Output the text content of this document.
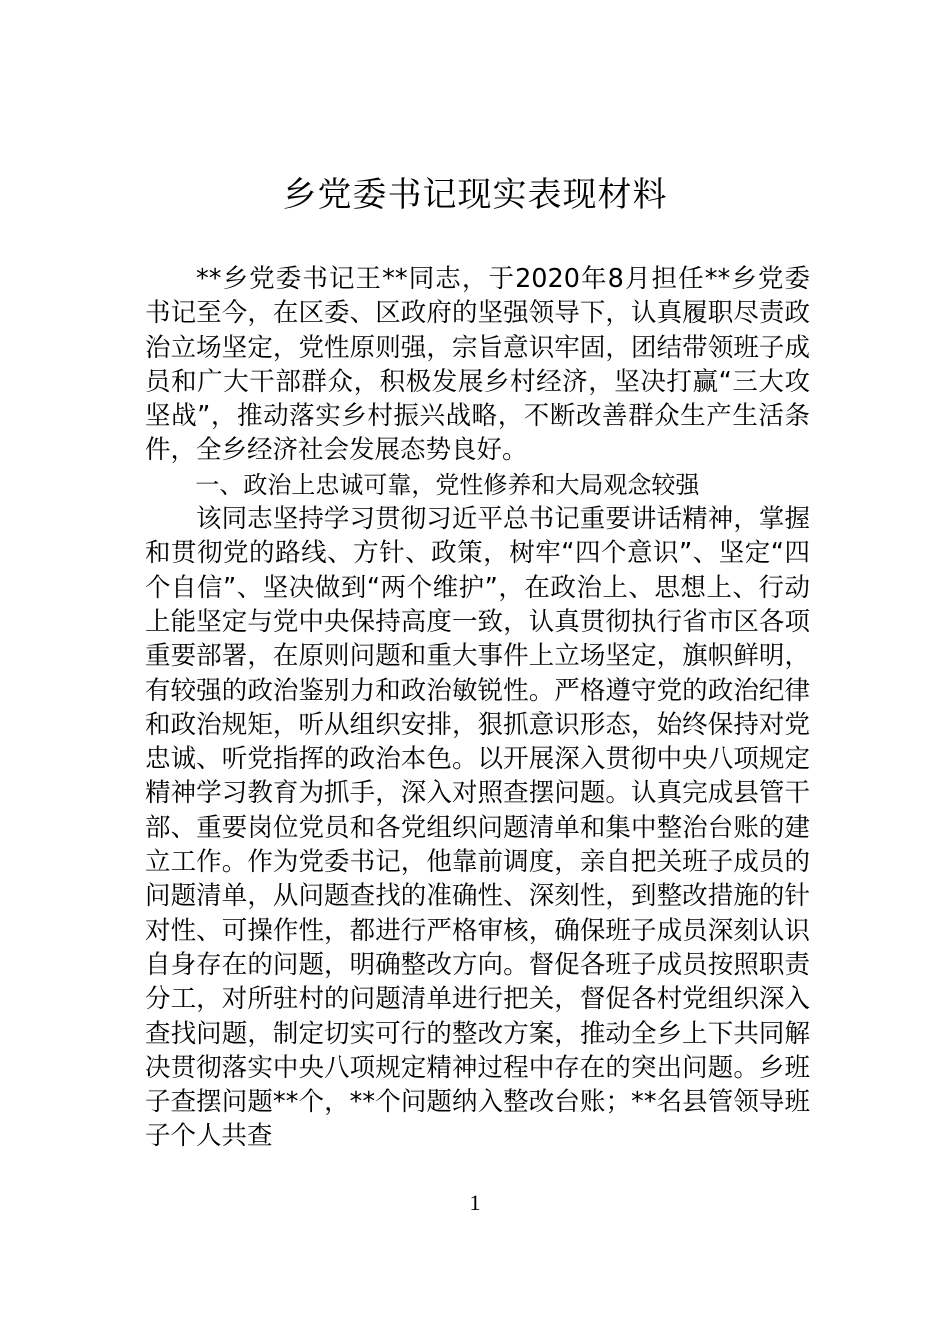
乡党委书记现实表现材料

**乡党委书记王**同志，于2020年8月担任**乡党委书记至今，在区委、区政府的坚强领导下，认真履职尽责政治立场坚定，党性原则强，宗旨意识牢固，团结带领班子成员和广大干部群众，积极发展乡村经济，坚决打赢“三大攻坚战”，推动落实乡村振兴战略，不断改善群众生产生活条件，全乡经济社会发展态势良好。

一、政治上忠诚可靠，党性修养和大局观念较强

该同志坚持学习贯彻习近平总书记重要讲话精神，掌握和贯彻党的路线、方针、政策，树牢“四个意识”、坚定“四个自信”、坚决做到“两个维护”，在政治上、思想上、行动上能坚定与党中央保持高度一致，认真贯彻执行省市区各项重要部署，在原则问题和重大事件上立场坚定，旗帜鲜明，有较强的政治鉴别力和政治敏锐性。严格遵守党的政治纪律和政治规矩，听从组织安排，狠抓意识形态，始终保持对党忠诚、听党指挥的政治本色。以开展深入贯彻中央八项规定精神学习教育为抓手，深入对照查摆问题。认真完成县管干部、重要岗位党员和各党组织问题清单和集中整治台账的建立工作。作为党委书记，他靠前调度，亲自把关班子成员的问题清单，从问题查找的准确性、深刻性，到整改措施的针对性、可操作性，都进行严格审核，确保班子成员深刻认识自身存在的问题，明确整改方向。督促各班子成员按照职责分工，对所驻村的问题清单进行把关，督促各村党组织深入查找问题，制定切实可行的整改方案，推动全乡上下共同解决贯彻落实中央八项规定精神过程中存在的突出问题。乡班子查摆问题**个，**个问题纳入整改台账；**名县管领导班子个人共查

1
